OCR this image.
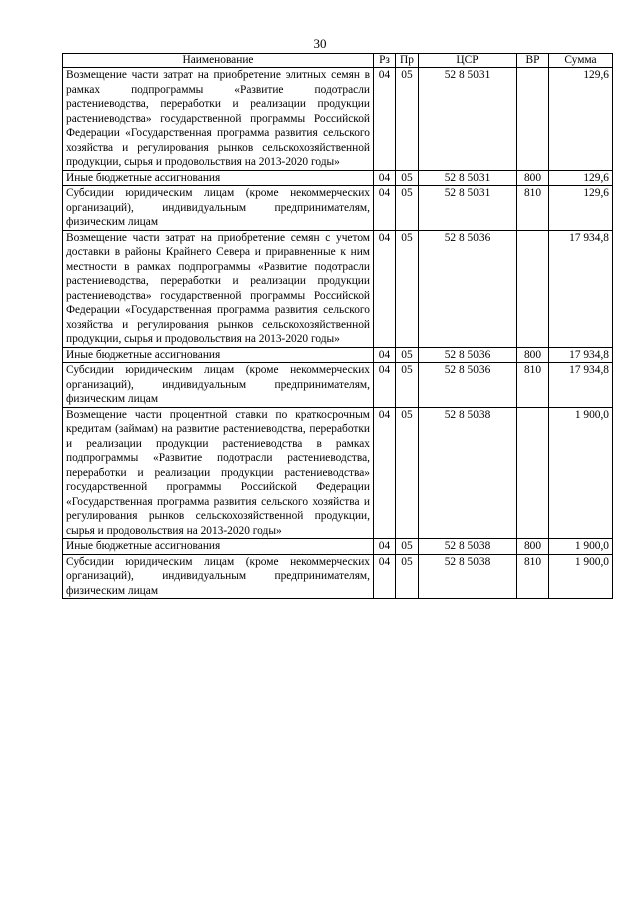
30
Наименование	Рз	Пр	ЦСР	ВР	Сумма
Возмещение части затрат на приобретение элитных семян в рамках подпрограммы «Развитие подотрасли растениеводства, переработки и реализации продукции растениеводства» государственной программы Российской Федерации «Государственная программа развития сельского хозяйства и регулирования рынков сельскохозяйственной продукции, сырья и продовольствия на 2013-2020 годы»	04	05	52 8 5031		129,6
Иные бюджетные ассигнования	04	05	52 8 5031	800	129,6
Субсидии юридическим лицам (кроме некоммерческих организаций), индивидуальным предпринимателям, физическим лицам	04	05	52 8 5031	810	129,6
Возмещение части затрат на приобретение семян с учетом доставки в районы Крайнего Севера и приравненные к ним местности в рамках подпрограммы «Развитие подотрасли растениеводства, переработки и реализации продукции растениеводства» государственной программы Российской Федерации «Государственная программа развития сельского хозяйства и регулирования рынков сельскохозяйственной продукции, сырья и продовольствия на 2013-2020 годы»	04	05	52 8 5036		17 934,8
Иные бюджетные ассигнования	04	05	52 8 5036	800	17 934,8
Субсидии юридическим лицам (кроме некоммерческих организаций), индивидуальным предпринимателям, физическим лицам	04	05	52 8 5036	810	17 934,8
Возмещение части процентной ставки по краткосрочным кредитам (займам) на развитие растениеводства, переработки и реализации продукции растениеводства в рамках подпрограммы «Развитие подотрасли растениеводства, переработки и реализации продукции растениеводства» государственной программы Российской Федерации «Государственная программа развития сельского хозяйства и регулирования рынков сельскохозяйственной продукции, сырья и продовольствия на 2013-2020 годы»	04	05	52 8 5038		1 900,0
Иные бюджетные ассигнования	04	05	52 8 5038	800	1 900,0
Субсидии юридическим лицам (кроме некоммерческих организаций), индивидуальным предпринимателям, физическим лицам	04	05	52 8 5038	810	1 900,0
